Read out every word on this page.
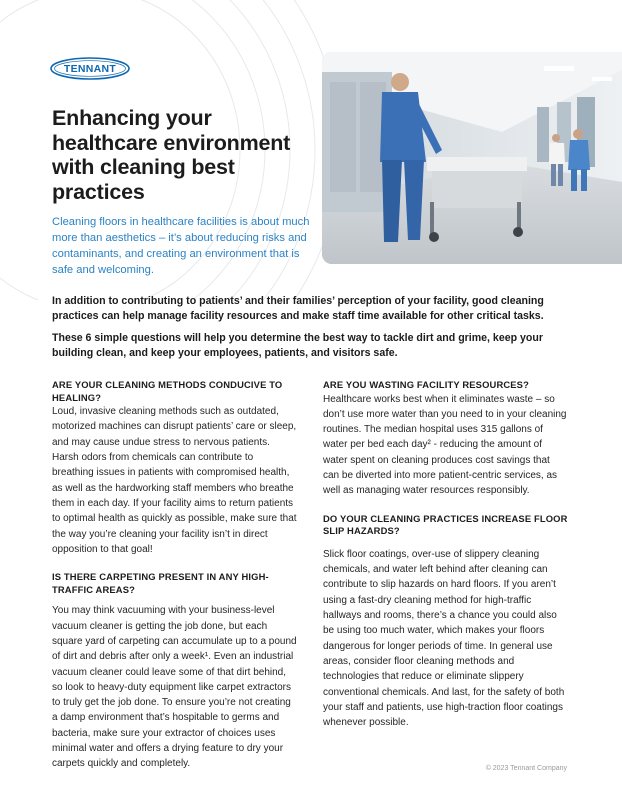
TENNANT
Enhancing your healthcare environment with cleaning best practices

Cleaning floors in healthcare facilities is about much more than aesthetics – it’s about reducing risks and contaminants, and creating an environment that is safe and welcoming.

In addition to contributing to patients’ and their families’ perception of your facility, good cleaning practices can help manage facility resources and make staff time available for other critical tasks.

These 6 simple questions will help you determine the best way to tackle dirt and grime, keep your building clean, and keep your employees, patients, and visitors safe.

ARE YOUR CLEANING METHODS CONDUCIVE TO HEALING?

Loud, invasive cleaning methods such as outdated, motorized machines can disrupt patients’ care or sleep, and may cause undue stress to nervous patients. Harsh odors from chemicals can contribute to breathing issues in patients with compromised health, as well as the hardworking staff members who breathe them in each day. If your facility aims to return patients to optimal health as quickly as possible, make sure that the way you’re cleaning your facility isn’t in direct opposition to that goal!

IS THERE CARPETING PRESENT IN ANY HIGH-TRAFFIC AREAS?

You may think vacuuming with your business-level vacuum cleaner is getting the job done, but each square yard of carpeting can accumulate up to a pound of dirt and debris after only a week¹. Even an industrial vacuum cleaner could leave some of that dirt behind, so look to heavy-duty equipment like carpet extractors to truly get the job done. To ensure you’re not creating a damp environment that’s hospitable to germs and bacteria, make sure your extractor of choices uses minimal water and offers a drying feature to dry your carpets quickly and completely.

ARE YOU WASTING FACILITY RESOURCES?

Healthcare works best when it eliminates waste – so don’t use more water than you need to in your cleaning routines. The median hospital uses 315 gallons of water per bed each day² - reducing the amount of water spent on cleaning produces cost savings that can be diverted into more patient-centric services, as well as managing water resources responsibly.

DO YOUR CLEANING PRACTICES INCREASE FLOOR SLIP HAZARDS?

Slick floor coatings, over-use of slippery cleaning chemicals, and water left behind after cleaning can contribute to slip hazards on hard floors. If you aren’t using a fast-dry cleaning method for high-traffic hallways and rooms, there’s a chance you could also be using too much water, which makes your floors dangerous for longer periods of time. In general use areas, consider floor cleaning methods and technologies that reduce or eliminate slippery conventional chemicals. And last, for the safety of both your staff and patients, use high-traction floor coatings whenever possible.

© 2023 Tennant Company
